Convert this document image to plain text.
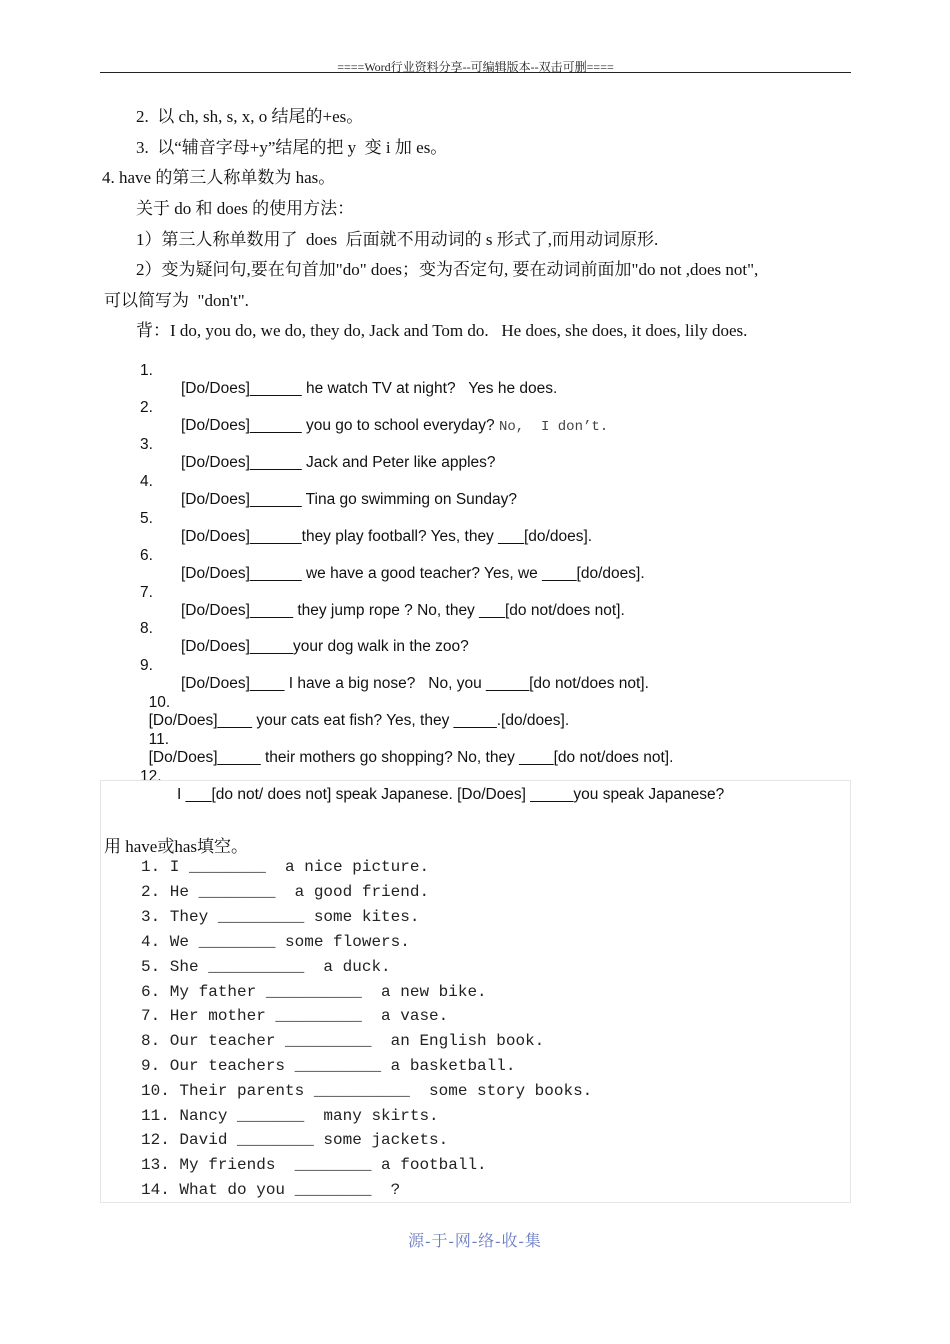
====Word行业资料分享--可编辑版本--双击可删====
2.  以 ch, sh, s, x, o 结尾的+es。
3.  以“辅音字母+y”结尾的把 y  变 i 加 es。
4. have 的第三人称单数为 has。
关于 do 和 does 的使用方法：
1）第三人称单数用了  does  后面就不用动词的 s 形式了,而用动词原形.
2）变为疑问句,要在句首加"do" does；变为否定句, 要在动词前面加"do not ,does not",
可以简写为  "don't".
背：I do, you do, we do, they do, Jack and Tom do.   He does, she does, it does, lily does.

1.

[Do/Does]______ he watch TV at night?   Yes he does.

2.

[Do/Does]______ you go to school everyday? No,  I don’t.

3.

[Do/Does]______ Jack and Peter like apples?

4.

[Do/Does]______ Tina go swimming on Sunday?

5.

[Do/Does]______they play football? Yes, they ___[do/does].

6.

[Do/Does]______ we have a good teacher? Yes, we ____[do/does].

7.

[Do/Does]_____ they jump rope ? No, they ___[do not/does not].

8.

[Do/Does]_____your dog walk in the zoo?

9.

[Do/Does]____ I have a big nose?   No, you _____[do not/does not].

10.
[Do/Does]____ your cats eat fish? Yes, they _____.[do/does].

11.
[Do/Does]_____ their mothers go shopping? No, they ____[do not/does not].

12.

I ___[do not/ does not] speak Japanese. [Do/Does] _____you speak Japanese?

用 have或has填空。
1. I ________  a nice picture.
2. He ________  a good friend.
3. They _________ some kites.
4. We ________ some flowers.
5. She __________  a duck.
6. My father __________  a new bike.
7. Her mother _________  a vase.
8. Our teacher _________  an English book.
9. Our teachers _________ a basketball.
10. Their parents __________  some story books.
11. Nancy _______  many skirts.
12. David ________ some jackets.
13. My friends  ________ a football.
14. What do you ________  ?
源-于-网-络-收-集
